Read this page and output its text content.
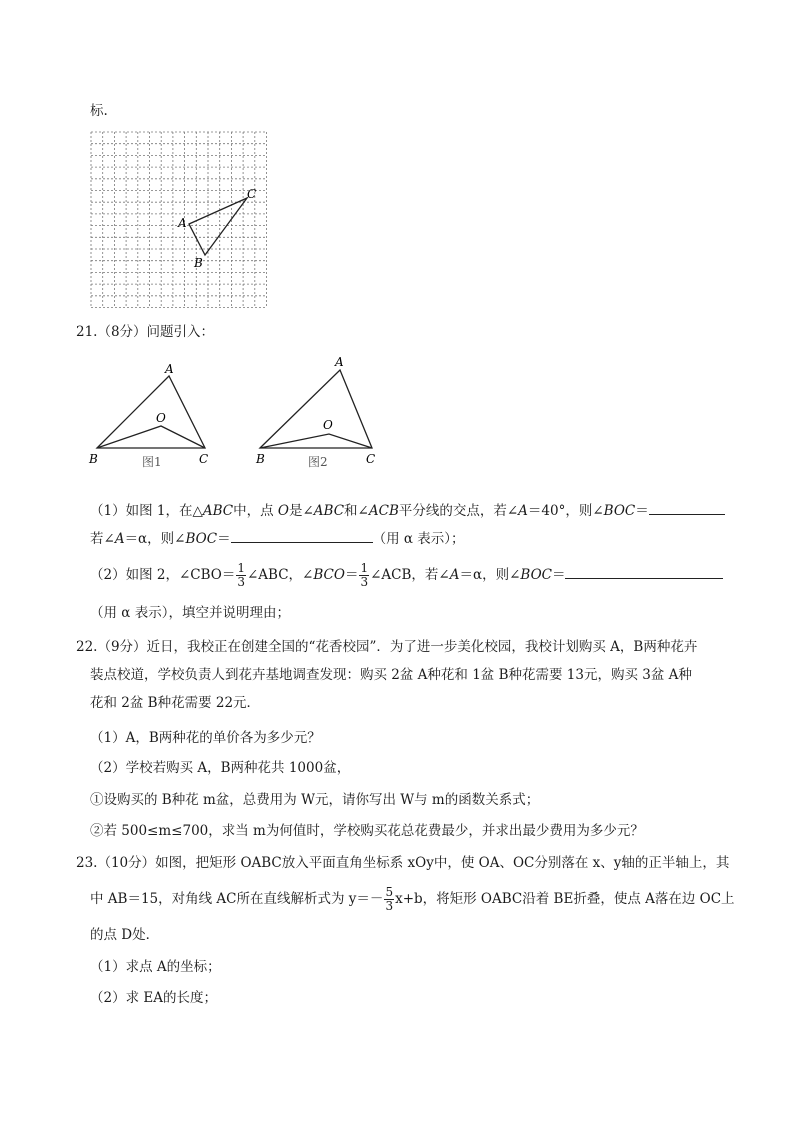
标.
A
B
C
21.（8分）问题引入：
A
O
B	C
图1
A
O
B	C
图2
（1）如图 1，在△ABC中，点 O是∠ABC和∠ACB平分线的交点，若∠A＝40°，则∠BOC＝
若∠A＝α，则∠BOC＝	（用 α 表示）；
（2）如图 2，∠CBO＝ $\frac{1}{3}$ ∠ABC，∠BCO＝ $\frac{1}{3}$ ∠ACB，若∠A＝α，则∠BOC＝
（用 α 表示），填空并说明理由；
22.（9分）近日，我校正在创建全国的“花香校园”．为了进一步美化校园，我校计划购买 A，B两种花卉
装点校道，学校负责人到花卉基地调查发现：购买 2盆 A种花和 1盆 B种花需要 13元，购买 3盆 A种
花和 2盆 B种花需要 22元．
（1）A，B两种花的单价各为多少元？
（2）学校若购买 A，B两种花共 1000盆，
①设购买的 B种花 m盆，总费用为 W元，请你写出 W与 m的函数关系式；
②若 500≤m≤700，求当 m为何值时，学校购买花总花费最少，并求出最少费用为多少元？
23.（10分）如图，把矩形 OABC放入平面直角坐标系 xOy中，使 OA、OC分别落在 x、y轴的正半轴上，其
中 AB＝15，对角线 AC所在直线解析式为 $y=- \frac{5}{3} x+b$，将矩形 OABC沿着 BE折叠，使点 A落在边 OC上
的点 D处．
（1）求点 A的坐标；
（2）求 EA的长度；
